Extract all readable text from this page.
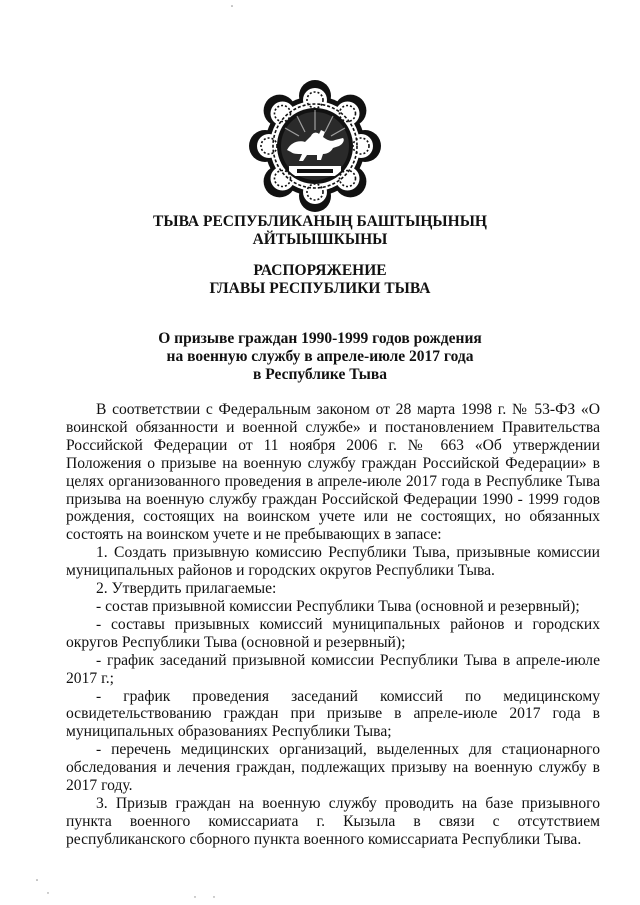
ТЫВА РЕСПУБЛИКАНЫҢ БАШТЫҢЫНЫҢ
АЙТЫЫШКЫНЫ
РАСПОРЯЖЕНИЕ
ГЛАВЫ РЕСПУБЛИКИ ТЫВА
О призыве граждан 1990-1999 годов рождения
на военную службу в апреле-июле 2017 года
в Республике Тыва

В соответствии с Федеральным законом от 28 марта 1998 г. № 53-ФЗ «О воинской обязанности и военной службе» и постановлением Правительства Российской Федерации от 11 ноября 2006 г. № 663 «Об утверждении Положения о призыве на военную службу граждан Российской Федерации» в целях организованного проведения в апреле-июле 2017 года в Республике Тыва призыва на военную службу граждан Российской Федерации 1990 - 1999 годов рождения, состоящих на воинском учете или не состоящих, но обязанных состоять на воинском учете и не пребывающих в запасе:

1. Создать призывную комиссию Республики Тыва, призывные комиссии муниципальных районов и городских округов Республики Тыва.

2. Утвердить прилагаемые:

- состав призывной комиссии Республики Тыва (основной и резервный);

- составы призывных комиссий муниципальных районов и городских округов Республики Тыва (основной и резервный);

- график заседаний призывной комиссии Республики Тыва в апреле-июле 2017 г.;

- график проведения заседаний комиссий по медицинскому освидетельствованию граждан при призыве в апреле-июле 2017 года в муниципальных образованиях Республики Тыва;

- перечень медицинских организаций, выделенных для стационарного обследования и лечения граждан, подлежащих призыву на военную службу в 2017 году.

3. Призыв граждан на военную службу проводить на базе призывного пункта военного комиссариата г. Кызыла в связи с отсутствием республиканского сборного пункта военного комиссариата Республики Тыва.
